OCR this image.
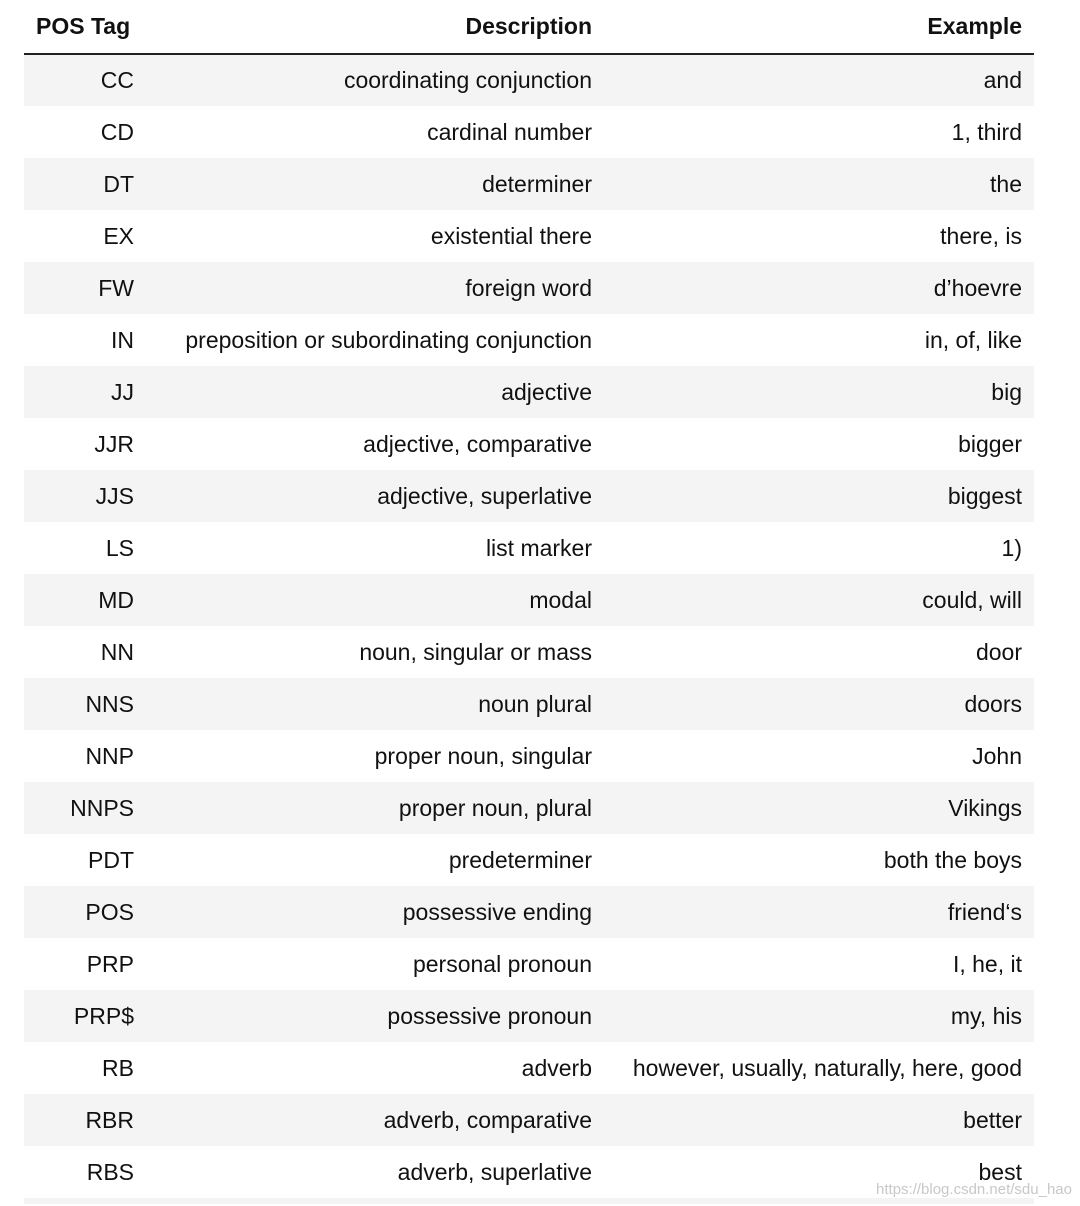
POS Tag	Description	Example
CC	coordinating conjunction	and
CD	cardinal number	1, third
DT	determiner	the
EX	existential there	there, is
FW	foreign word	d’hoevre
IN	preposition or subordinating conjunction	in, of, like
JJ	adjective	big
JJR	adjective, comparative	bigger
JJS	adjective, superlative	biggest
LS	list marker	1)
MD	modal	could, will
NN	noun, singular or mass	door
NNS	noun plural	doors
NNP	proper noun, singular	John
NNPS	proper noun, plural	Vikings
PDT	predeterminer	both the boys
POS	possessive ending	friend‘s
PRP	personal pronoun	I, he, it
PRP$	possessive pronoun	my, his
RB	adverb	however, usually, naturally, here, good
RBR	adverb, comparative	better
RBS	adverb, superlative	best

https://blog.csdn.net/sdu_hao
